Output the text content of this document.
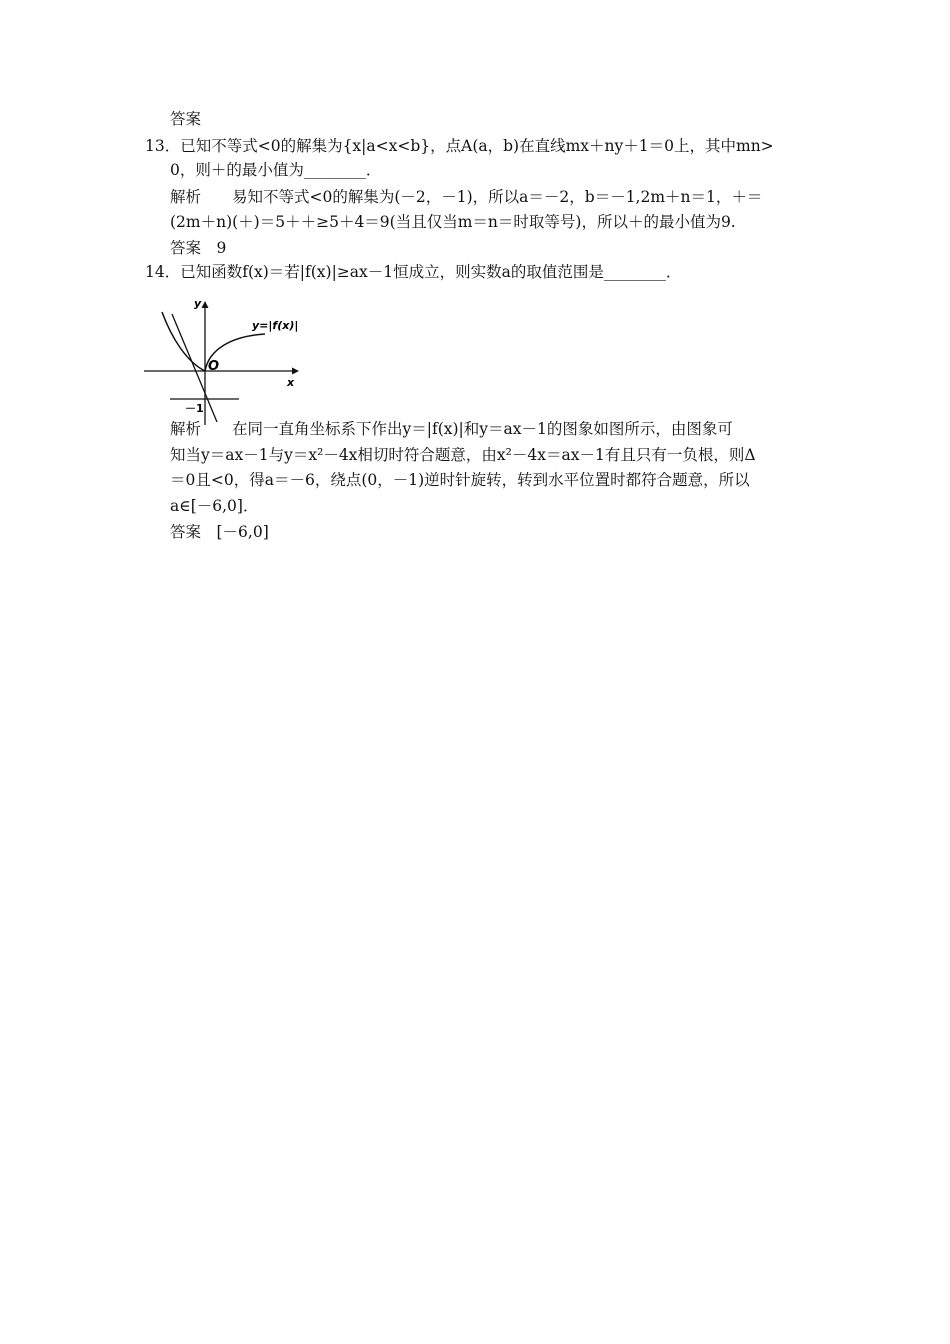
答案
13．已知不等式<0的解集为{x|a<x<b}，点A(a，b)在直线mx＋ny＋1＝0上，其中mn>
0，则＋的最小值为________．
解析　　易知不等式<0的解集为(－2，－1)，所以a＝－2，b＝－1,2m＋n＝1，＋＝
(2m＋n)(＋)＝5＋＋≥5＋4＝9(当且仅当m＝n＝时取等号)，所以＋的最小值为9.
答案　9
14．已知函数f(x)＝若|f(x)|≥ax－1恒成立，则实数a的取值范围是________．
解析　　在同一直角坐标系下作出y＝|f(x)|和y＝ax－1的图象如图所示，由图象可
知当y＝ax－1与y＝x²－4x相切时符合题意，由x²－4x＝ax－1有且只有一负根，则Δ
＝0且<0，得a＝－6，绕点(0，－1)逆时针旋转，转到水平位置时都符合题意，所以
a∈[－6,0]．
答案　[－6,0]
y
x
O
y=|f(x)|
－1
